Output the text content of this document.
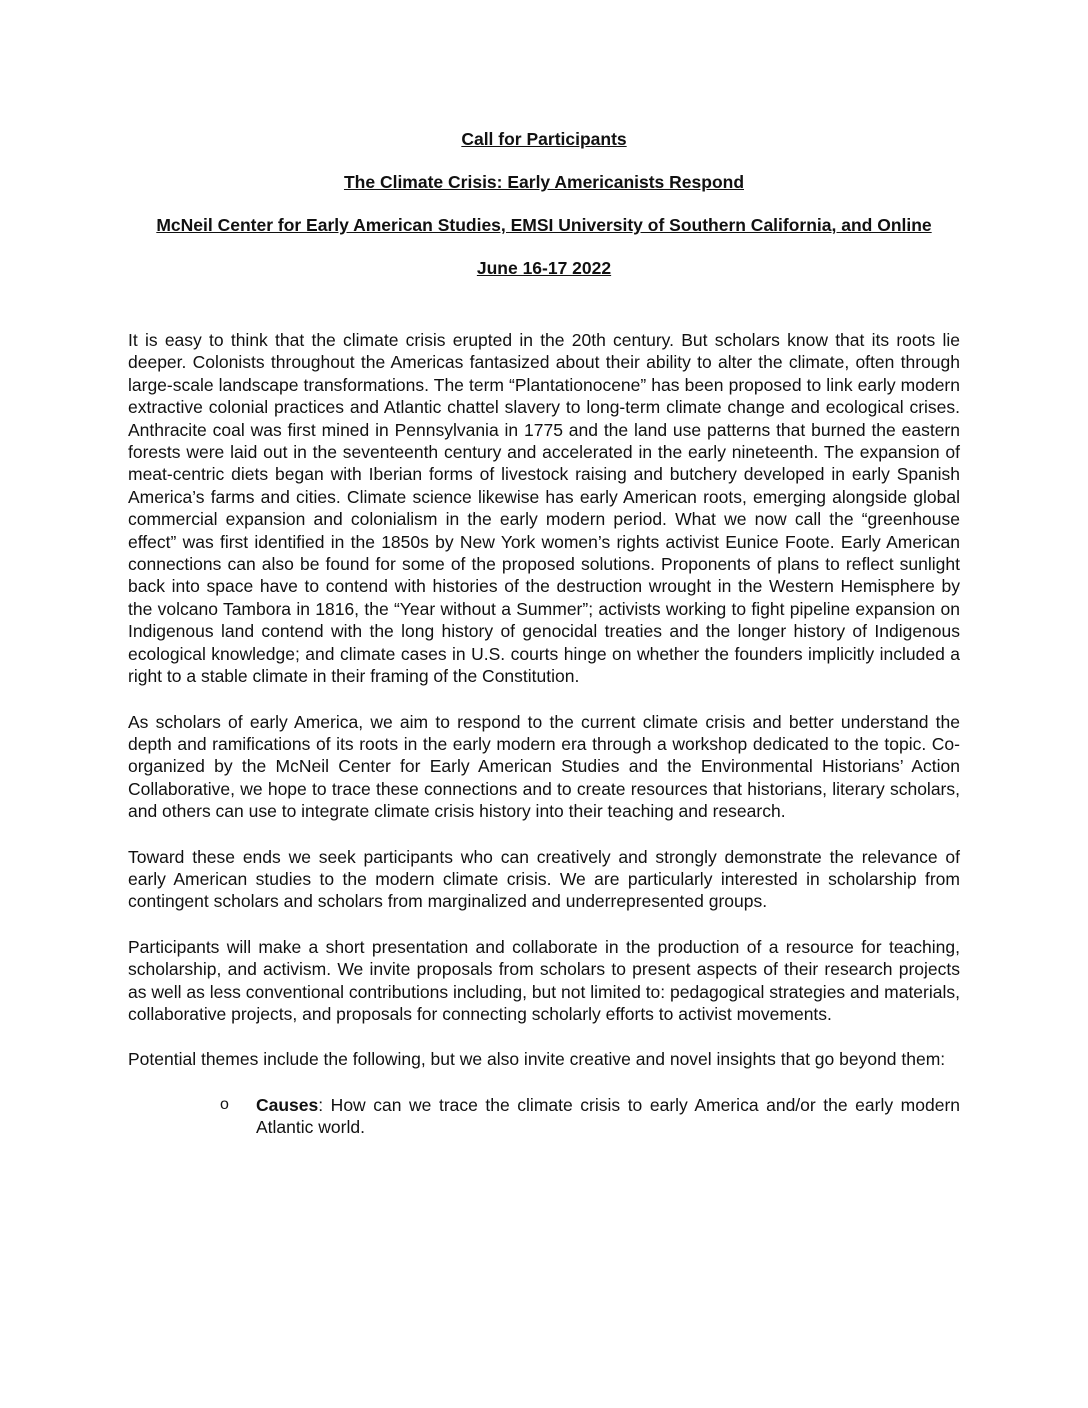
Call for Participants
The Climate Crisis: Early Americanists Respond
McNeil Center for Early American Studies, EMSI University of Southern California, and Online
June 16-17 2022

It is easy to think that the climate crisis erupted in the 20th century. But scholars know that its roots lie deeper. Colonists throughout the Americas fantasized about their ability to alter the climate, often through large-scale landscape transformations. The term “Plantationocene” has been proposed to link early modern extractive colonial practices and Atlantic chattel slavery to long-term climate change and ecological crises. Anthracite coal was first mined in Pennsylvania in 1775 and the land use patterns that burned the eastern forests were laid out in the seventeenth century and accelerated in the early nineteenth. The expansion of meat-centric diets began with Iberian forms of livestock raising and butchery developed in early Spanish America’s farms and cities. Climate science likewise has early American roots, emerging alongside global commercial expansion and colonialism in the early modern period. What we now call the “greenhouse effect” was first identified in the 1850s by New York women’s rights activist Eunice Foote. Early American connections can also be found for some of the proposed solutions. Proponents of plans to reflect sunlight back into space have to contend with histories of the destruction wrought in the Western Hemisphere by the volcano Tambora in 1816, the “Year without a Summer”; activists working to fight pipeline expansion on Indigenous land contend with the long history of genocidal treaties and the longer history of Indigenous ecological knowledge; and climate cases in U.S. courts hinge on whether the founders implicitly included a right to a stable climate in their framing of the Constitution.

As scholars of early America, we aim to respond to the current climate crisis and better understand the depth and ramifications of its roots in the early modern era through a workshop dedicated to the topic. Co-organized by the McNeil Center for Early American Studies and the Environmental Historians’ Action Collaborative, we hope to trace these connections and to create resources that historians, literary scholars, and others can use to integrate climate crisis history into their teaching and research.

Toward these ends we seek participants who can creatively and strongly demonstrate the relevance of early American studies to the modern climate crisis. We are particularly interested in scholarship from contingent scholars and scholars from marginalized and underrepresented groups.

Participants will make a short presentation and collaborate in the production of a resource for teaching, scholarship, and activism. We invite proposals from scholars to present aspects of their research projects as well as less conventional contributions including, but not limited to: pedagogical strategies and materials, collaborative projects, and proposals for connecting scholarly efforts to activist movements.

Potential themes include the following, but we also invite creative and novel insights that go beyond them:

o Causes: How can we trace the climate crisis to early America and/or the early modern Atlantic world.
